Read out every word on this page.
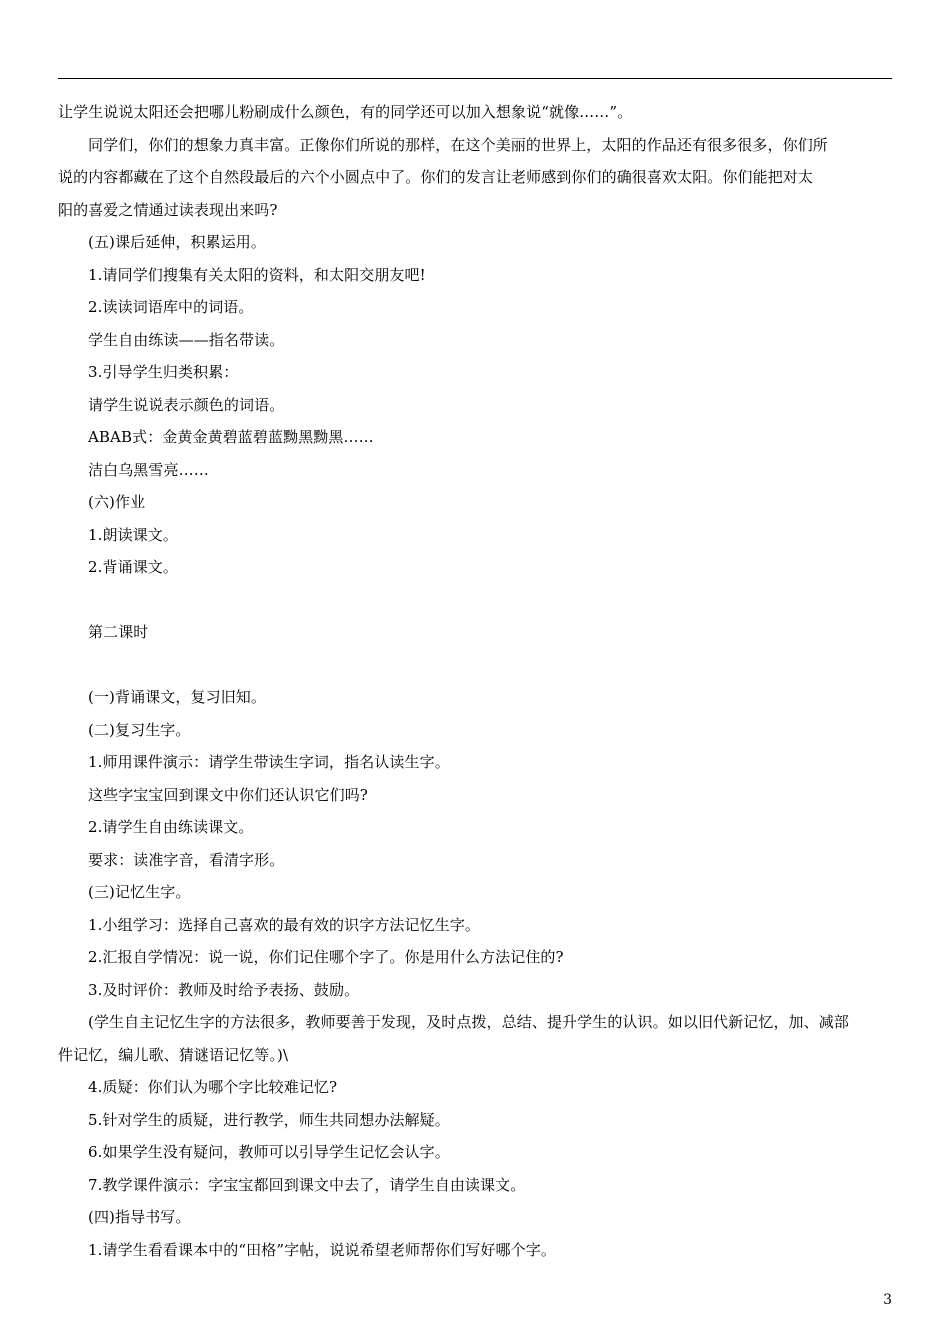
让学生说说太阳还会把哪儿粉刷成什么颜色，有的同学还可以加入想象说“就像……”。
同学们，你们的想象力真丰富。正像你们所说的那样，在这个美丽的世界上，太阳的作品还有很多很多，你们所
说的内容都藏在了这个自然段最后的六个小圆点中了。你们的发言让老师感到你们的确很喜欢太阳。你们能把对太
阳的喜爱之情通过读表现出来吗?
(五)课后延伸，积累运用。
1.请同学们搜集有关太阳的资料，和太阳交朋友吧!
2.读读词语库中的词语。
学生自由练读——指名带读。
3.引导学生归类积累：
请学生说说表示颜色的词语。
ABAB式：金黄金黄碧蓝碧蓝黝黑黝黑……
洁白乌黑雪亮……
(六)作业
1.朗读课文。
2.背诵课文。
第二课时
(一)背诵课文，复习旧知。
(二)复习生字。
1.师用课件演示：请学生带读生字词，指名认读生字。
这些字宝宝回到课文中你们还认识它们吗?
2.请学生自由练读课文。
要求：读准字音，看清字形。
(三)记忆生字。
1.小组学习：选择自己喜欢的最有效的识字方法记忆生字。
2.汇报自学情况：说一说，你们记住哪个字了。你是用什么方法记住的?
3.及时评价：教师及时给予表扬、鼓励。
(学生自主记忆生字的方法很多，教师要善于发现，及时点拨，总结、提升学生的认识。如以旧代新记忆，加、减部
件记忆，编儿歌、猜谜语记忆等。)\
4.质疑：你们认为哪个字比较难记忆?
5.针对学生的质疑，进行教学，师生共同想办法解疑。
6.如果学生没有疑问，教师可以引导学生记忆会认字。
7.教学课件演示：字宝宝都回到课文中去了，请学生自由读课文。
(四)指导书写。
1.请学生看看课本中的“田格”字帖，说说希望老师帮你们写好哪个字。
3
